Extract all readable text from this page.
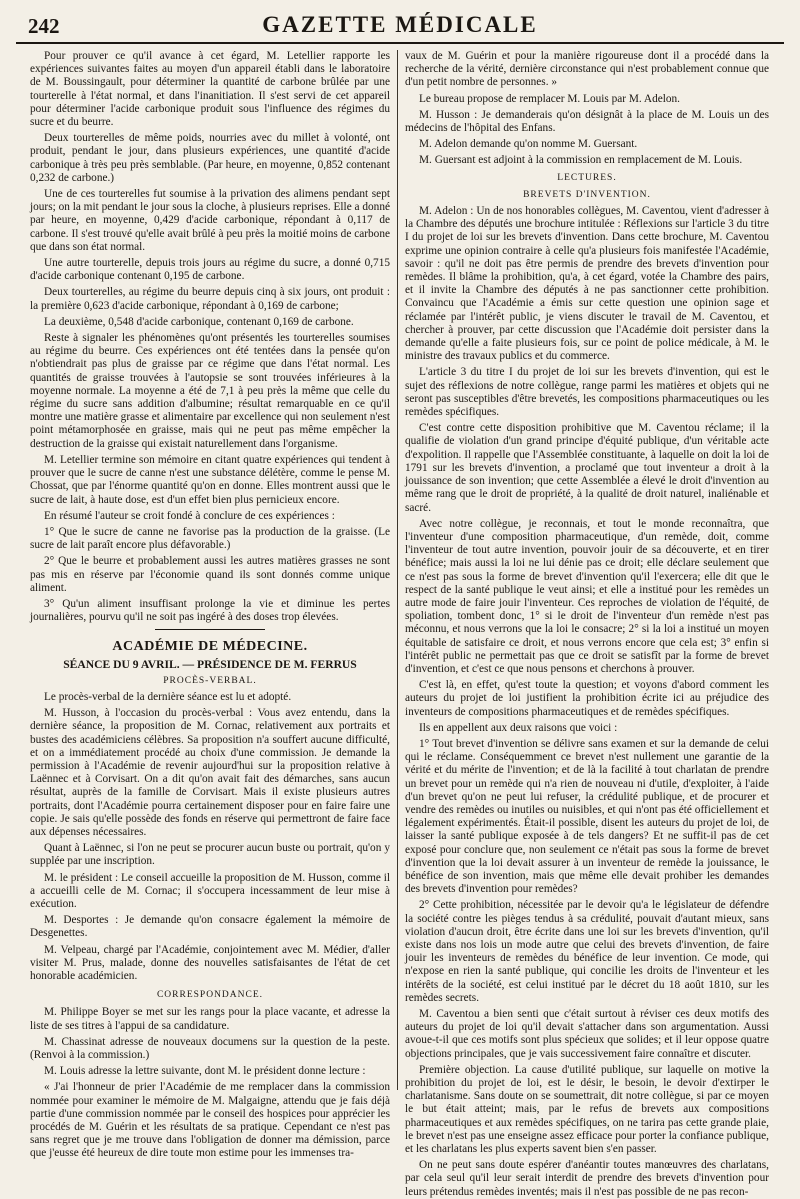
242	GAZETTE MÉDICALE

Pour prouver ce qu'il avance à cet égard, M. Letellier rapporte les expériences suivantes faites au moyen d'un appareil établi dans le laboratoire de M. Boussingault, pour déterminer la quantité de carbone brûlée par une tourterelle à l'état normal, et dans l'inanitiation. Il s'est servi de cet appareil pour déterminer l'acide carbonique produit sous l'influence des régimes du sucre et du beurre.

Deux tourterelles de même poids, nourries avec du millet à volonté, ont produit, pendant le jour, dans plusieurs expériences, une quantité d'acide carbonique à très peu près semblable. (Par heure, en moyenne, 0,852 contenant 0,232 de carbone.)

Une de ces tourterelles fut soumise à la privation des alimens pendant sept jours; on la mit pendant le jour sous la cloche, à plusieurs reprises. Elle a donné par heure, en moyenne, 0,429 d'acide carbonique, répondant à 0,117 de carbone. Il s'est trouvé qu'elle avait brûlé à peu près la moitié moins de carbone que dans son état normal.

Une autre tourterelle, depuis trois jours au régime du sucre, a donné 0,715 d'acide carbonique contenant 0,195 de carbone.

Deux tourterelles, au régime du beurre depuis cinq à six jours, ont produit : la première 0,623 d'acide carbonique, répondant à 0,169 de carbone;

La deuxième, 0,548 d'acide carbonique, contenant 0,169 de carbone.

Reste à signaler les phénomènes qu'ont présentés les tourterelles soumises au régime du beurre. Ces expériences ont été tentées dans la pensée qu'on n'obtiendrait pas plus de graisse par ce régime que dans l'état normal. Les quantités de graisse trouvées à l'autopsie se sont trouvées inférieures à la moyenne normale. La moyenne a été de 7,1 à peu près la même que celle du régime du sucre sans addition d'albumine; résultat remarquable en ce qu'il montre une matière grasse et alimentaire par excellence qui non seulement n'est point métamorphosée en graisse, mais qui ne peut pas même empêcher la destruction de la graisse qui existait naturellement dans l'organisme.

M. Letellier termine son mémoire en citant quatre expériences qui tendent à prouver que le sucre de canne n'est une substance délétère, comme le pense M. Chossat, que par l'énorme quantité qu'on en donne. Elles montrent aussi que le sucre de lait, à haute dose, est d'un effet bien plus pernicieux encore.

En résumé l'auteur se croit fondé à conclure de ces expériences :

1° Que le sucre de canne ne favorise pas la production de la graisse. (Le sucre de lait paraît encore plus défavorable.)

2° Que le beurre et probablement aussi les autres matières grasses ne sont pas mis en réserve par l'économie quand ils sont donnés comme unique aliment.

3° Qu'un aliment insuffisant prolonge la vie et diminue les pertes journalières, pourvu qu'il ne soit pas ingéré à des doses trop élevées.

ACADÉMIE DE MÉDECINE.
SÉANCE DU 9 AVRIL. — PRÉSIDENCE DE M. FERRUS
PROCÈS-VERBAL.

Le procès-verbal de la dernière séance est lu et adopté.

M. Husson, à l'occasion du procès-verbal : Vous avez entendu, dans la dernière séance, la proposition de M. Cornac, relativement aux portraits et bustes des académiciens célèbres. Sa proposition n'a souffert aucune difficulté, et on a immédiatement procédé au choix d'une commission. Je demande la permission à l'Académie de revenir aujourd'hui sur la proposition relative à Laënnec et à Corvisart. On a dit qu'on avait fait des démarches, sans aucun résultat, auprès de la famille de Corvisart. Mais il existe plusieurs autres portraits, dont l'Académie pourra certainement disposer pour en faire faire une copie. Je sais qu'elle possède des fonds en réserve qui permettront de faire face aux dépenses nécessaires.

Quant à Laënnec, si l'on ne peut se procurer aucun buste ou portrait, qu'on y supplée par une inscription.

M. le président : Le conseil accueille la proposition de M. Husson, comme il a accueilli celle de M. Cornac; il s'occupera incessamment de leur mise à exécution.

M. Desportes : Je demande qu'on consacre également la mémoire de Desgenettes.

M. Velpeau, chargé par l'Académie, conjointement avec M. Médier, d'aller visiter M. Prus, malade, donne des nouvelles satisfaisantes de l'état de cet honorable académicien.

CORRESPONDANCE.

M. Philippe Boyer se met sur les rangs pour la place vacante, et adresse la liste de ses titres à l'appui de sa candidature.

M. Chassinat adresse de nouveaux documens sur la question de la peste. (Renvoi à la commission.)

M. Louis adresse la lettre suivante, dont M. le président donne lecture :

« J'ai l'honneur de prier l'Académie de me remplacer dans la commission nommée pour examiner le mémoire de M. Malgaigne, attendu que je fais déjà partie d'une commission nommée par le conseil des hospices pour apprécier les procédés de M. Guérin et les résultats de sa pratique. Cependant ce n'est pas sans regret que je me trouve dans l'obligation de donner ma démission, parce que j'eusse été heureux de dire toute mon estime pour les immenses tra-

vaux de M. Guérin et pour la manière rigoureuse dont il a procédé dans la recherche de la vérité, dernière circonstance qui n'est probablement connue que d'un petit nombre de personnes. »

Le bureau propose de remplacer M. Louis par M. Adelon.

M. Husson : Je demanderais qu'on désignât à la place de M. Louis un des médecins de l'hôpital des Enfans.

M. Adelon demande qu'on nomme M. Guersant.

M. Guersant est adjoint à la commission en remplacement de M. Louis.

LECTURES.
BREVETS D'INVENTION.

M. Adelon : Un de nos honorables collègues, M. Caventou, vient d'adresser à la Chambre des députés une brochure intitulée : Réflexions sur l'article 3 du titre I du projet de loi sur les brevets d'invention. Dans cette brochure, M. Caventou exprime une opinion contraire à celle qu'a plusieurs fois manifestée l'Académie, savoir : qu'il ne doit pas être permis de prendre des brevets d'invention pour remèdes. Il blâme la prohibition, qu'a, à cet égard, votée la Chambre des pairs, et il invite la Chambre des députés à ne pas sanctionner cette prohibition. Convaincu que l'Académie a émis sur cette question une opinion sage et réclamée par l'intérêt public, je viens discuter le travail de M. Caventou, et chercher à prouver, par cette discussion que l'Académie doit persister dans la demande qu'elle a faite plusieurs fois, sur ce point de police médicale, à M. le ministre des travaux publics et du commerce.

L'article 3 du titre I du projet de loi sur les brevets d'invention, qui est le sujet des réflexions de notre collègue, range parmi les matières et objets qui ne seront pas susceptibles d'être brevetés, les compositions pharmaceutiques ou les remèdes spécifiques.

C'est contre cette disposition prohibitive que M. Caventou réclame; il la qualifie de violation d'un grand principe d'équité publique, d'un véritable acte d'expolition. Il rappelle que l'Assemblée constituante, à laquelle on doit la loi de 1791 sur les brevets d'invention, a proclamé que tout inventeur a droit à la jouissance de son invention; que cette Assemblée a élevé le droit d'invention au même rang que le droit de propriété, à la qualité de droit naturel, inaliénable et sacré.

Avec notre collègue, je reconnais, et tout le monde reconnaîtra, que l'inventeur d'une composition pharmaceutique, d'un remède, doit, comme l'inventeur de tout autre invention, pouvoir jouir de sa découverte, et en tirer bénéfice; mais aussi la loi ne lui dénie pas ce droit; elle déclare seulement que ce n'est pas sous la forme de brevet d'invention qu'il l'exercera; elle dit que le respect de la santé publique le veut ainsi; et elle a institué pour les remèdes un autre mode de faire jouir l'inventeur. Ces reproches de violation de l'équité, de spoliation, tombent donc, 1° si le droit de l'inventeur d'un remède n'est pas méconnu, et nous verrons que la loi le consacre; 2° si la loi a institué un moyen équitable de satisfaire ce droit, et nous verrons encore que cela est; 3° enfin si l'intérêt public ne permettait pas que ce droit se satisfît par la forme de brevet d'invention, et c'est ce que nous pensons et cherchons à prouver.

C'est là, en effet, qu'est toute la question; et voyons d'abord comment les auteurs du projet de loi justifient la prohibition écrite ici au préjudice des inventeurs de compositions pharmaceutiques et de remèdes spécifiques.

Ils en appellent aux deux raisons que voici :

1° Tout brevet d'invention se délivre sans examen et sur la demande de celui qui le réclame. Conséquemment ce brevet n'est nullement une garantie de la vérité et du mérite de l'invention; et de là la facilité à tout charlatan de prendre un brevet pour un remède qui n'a rien de nouveau ni d'utile, d'exploiter, à l'aide d'un brevet qu'on ne peut lui refuser, la crédulité publique, et de procurer et vendre des remèdes ou inutiles ou nuisibles, et qui n'ont pas été officiellement et légalement expérimentés. Était-il possible, disent les auteurs du projet de loi, de laisser la santé publique exposée à de tels dangers? Et ne suffit-il pas de cet exposé pour conclure que, non seulement ce n'était pas sous la forme de brevet d'invention que la loi devait assurer à un inventeur de remède la jouissance, le bénéfice de son invention, mais que même elle devait prohiber les demandes des brevets d'invention pour remèdes?

2° Cette prohibition, nécessitée par le devoir qu'a le législateur de défendre la société contre les pièges tendus à sa crédulité, pouvait d'autant mieux, sans violation d'aucun droit, être écrite dans une loi sur les brevets d'invention, qu'il existe dans nos lois un mode autre que celui des brevets d'invention, de faire jouir les inventeurs de remèdes du bénéfice de leur invention. Ce mode, qui n'expose en rien la santé publique, qui concilie les droits de l'inventeur et les intérêts de la société, est celui institué par le décret du 18 août 1810, sur les remèdes secrets.

M. Caventou a bien senti que c'était surtout à réviser ces deux motifs des auteurs du projet de loi qu'il devait s'attacher dans son argumentation. Aussi avoue-t-il que ces motifs sont plus spécieux que solides; et il leur oppose quatre objections principales, que je vais successivement faire connaître et discuter.

Première objection. La cause d'utilité publique, sur laquelle on motive la prohibition du projet de loi, est le désir, le besoin, le devoir d'extirper le charlatanisme. Sans doute on se soumettrait, dit notre collègue, si par ce moyen le but était atteint; mais, par le refus de brevets aux compositions pharmaceutiques et aux remèdes spécifiques, on ne tarira pas cette grande plaie, le brevet n'est pas une enseigne assez efficace pour porter la confiance publique, et les charlatans les plus experts savent bien s'en passer.

On ne peut sans doute espérer d'anéantir toutes manœuvres des charlatans, par cela seul qu'il leur serait interdit de prendre des brevets d'invention pour leurs prétendus remèdes inventés; mais il n'est pas possible de ne pas recon-
